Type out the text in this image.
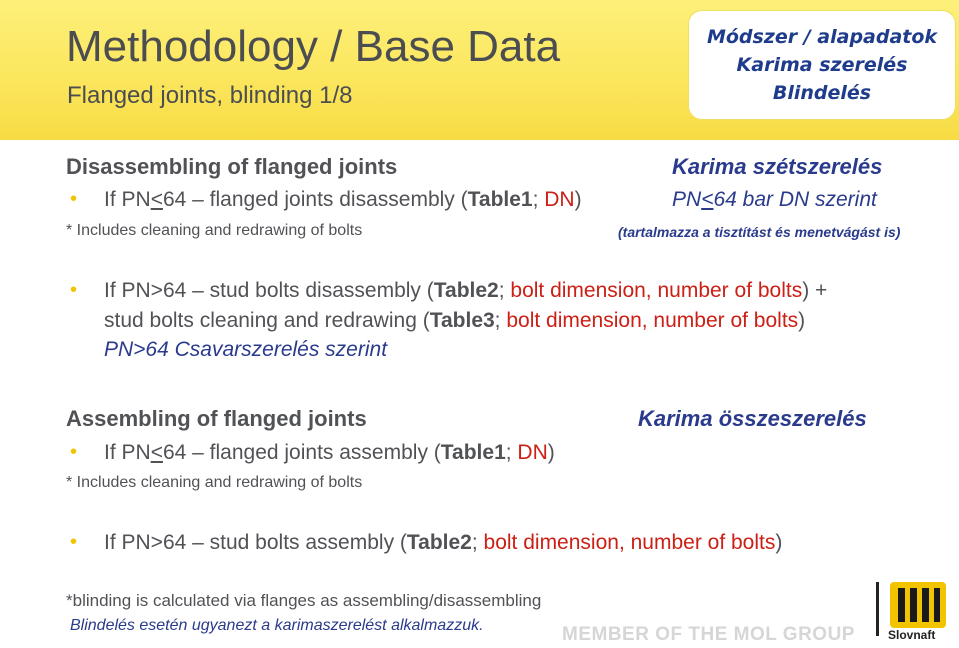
Methodology / Base Data
Flanged joints, blinding 1/8
Módszer / alapadatok
Karima szerelés
Blindelés
Disassembling of flanged joints	Karima szétszerelés
• If PN<64 – flanged joints disassembly (Table1; DN)	PN<64 bar DN szerint
* Includes cleaning and redrawing of bolts	(tartalmazza a tisztítást és menetvágást is)
• If PN>64 – stud bolts disassembly (Table2; bolt dimension, number of bolts) +
stud bolts cleaning and redrawing (Table3; bolt dimension, number of bolts)
PN>64 Csavarszerelés szerint
Assembling of flanged joints	Karima összeszerelés
• If PN<64 – flanged joints assembly (Table1; DN)
* Includes cleaning and redrawing of bolts
• If PN>64 – stud bolts assembly (Table2; bolt dimension, number of bolts)
*blinding is calculated via flanges as assembling/disassembling
Blindelés esetén ugyanezt a karimaszerelést alkalmazzuk.	MEMBER OF THE MOL GROUP	Slovnaft
